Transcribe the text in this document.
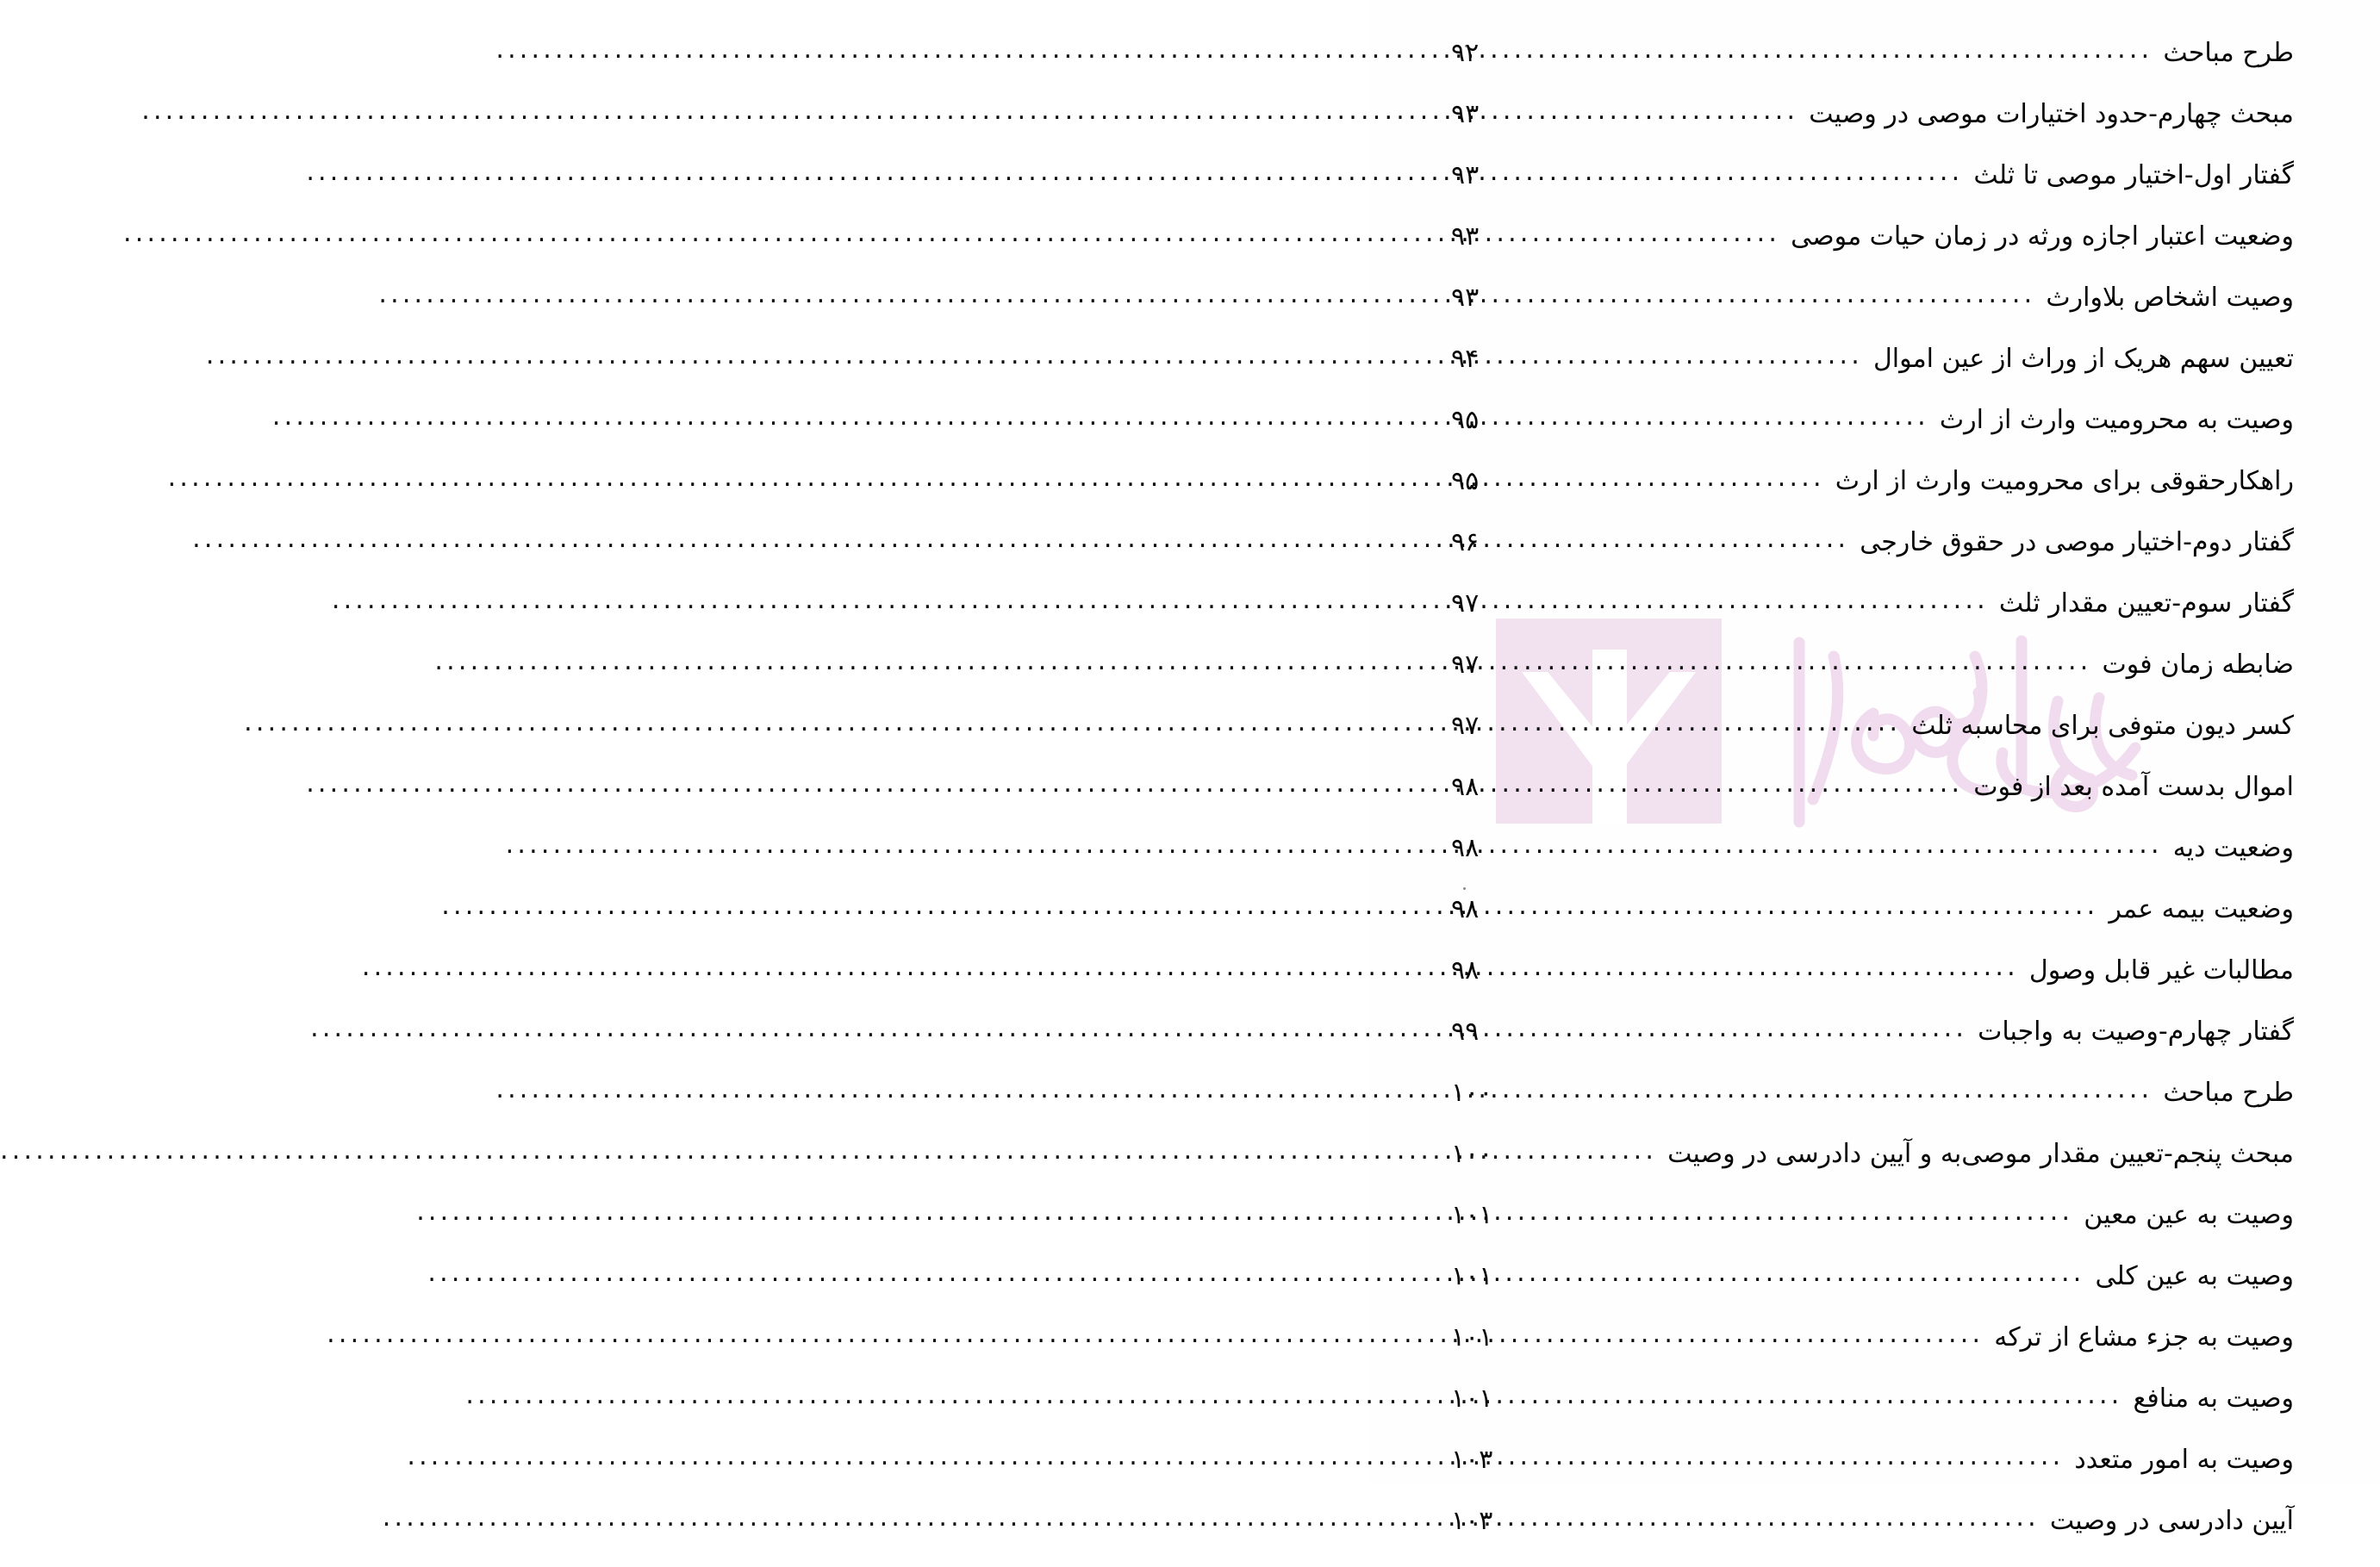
طرح مباحث
.....
۹۲
مبحث چهارم-حدود اختیارات موصی در وصیت
.....
۹۳
گفتار اول-اختیار موصی تا ثلث
.....
۹۳
وضعیت اعتبار اجازه ورثه در زمان حیات موصی
.....
۹۳
وصیت اشخاص بلاوارث
.....
۹۳
تعیین سهم هریک از وراث از عین اموال
.....
۹۴
وصیت به محرومیت وارث از ارث
.....
۹۵
راهکارحقوقی برای محرومیت وارث از ارث
.....
۹۵
گفتار دوم-اختیار موصی در حقوق خارجی
.....
۹۶
گفتار سوم-تعیین مقدار ثلث
.....
۹۷
ضابطه زمان فوت
.....
۹۷
کسر دیون متوفی برای محاسبه ثلث
.....
۹۷
اموال بدست آمده بعد از فوت
.....
۹۸
وضعیت دیه
.....
۹۸
وضعیت بیمه عمر
.....
۹۸
مطالبات غیر قابل وصول
.....
۹۸
گفتار چهارم-وصیت به واجبات
.....
۹۹
طرح مباحث
.....
۱۰۰
مبحث پنجم-تعیین مقدار موصی‌به و آیین دادرسی در وصیت
.....
۱۰۰
وصیت به عین معین
.....
۱۰۱
وصیت به عین کلی
.....
۱۰۱
وصیت به جزء مشاع از ترکه
.....
۱۰۱
وصیت به منافع
.....
۱۰۱
وصیت به امور متعدد
.....
۱۰۳
آیین دادرسی در وصیت
.....
۱۰۳
